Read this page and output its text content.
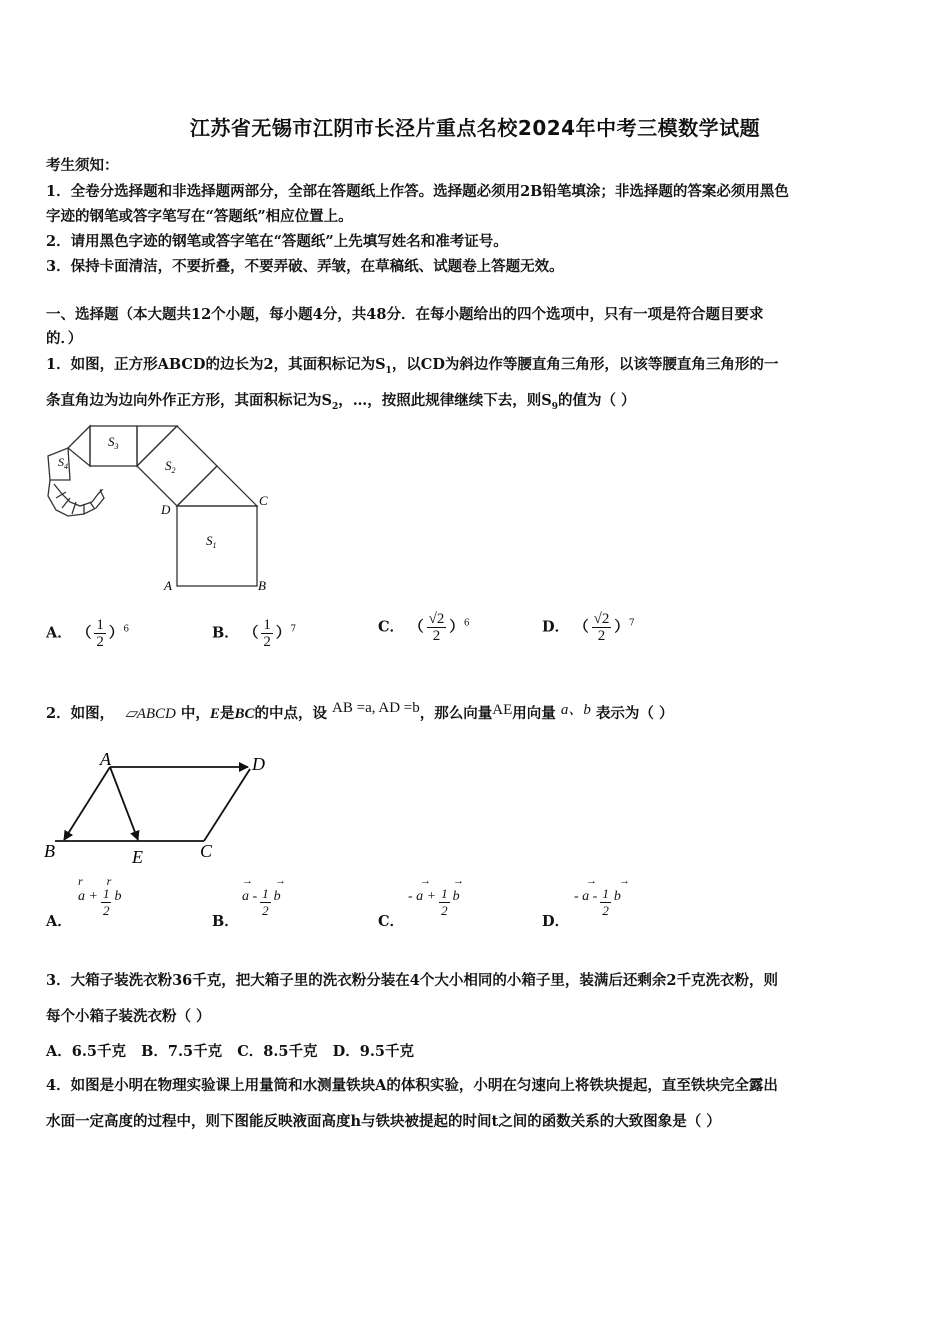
江苏省无锡市江阴市长泾片重点名校2024年中考三模数学试题
考生须知：
1．全卷分选择题和非选择题两部分，全部在答题纸上作答。选择题必须用2B铅笔填涂；非选择题的答案必须用黑色
字迹的钢笔或答字笔写在“答题纸”相应位置上。
2．请用黑色字迹的钢笔或答字笔在“答题纸”上先填写姓名和准考证号。
3．保持卡面清洁，不要折叠，不要弄破、弄皱，在草稿纸、试题卷上答题无效。
一、选择题（本大题共12个小题，每小题4分，共48分．在每小题给出的四个选项中，只有一项是符合题目要求
的．）
1．如图，正方形ABCD的边长为2，其面积标记为$S_1$，以CD为斜边作等腰直角三角形，以该等腰直角三角形的一
条直角边为边向外作正方形，其面积标记为$S_2$，…，按照此规律继续下去，则$S_9$的值为（ ）
$S_1$
$S_2$
$S_3$
$S_4$
A	B
C
D
A． （ $\frac{1}{2} )^6$	B． （ $\frac{1}{2} )^7$	C． （ $\frac{√2}{2} )^6$	D． （ $\frac{√2}{2} )^7$
2．如图， ▱ABCD 中，E是BC的中点，设 AB =a, AD =b，那么向量AE用向量 a、b 表示为（ ）
A	D
B	E	C
A．
r        r
$a + \frac{1}{2}$ b
B．
→        →
a - $\frac{1}{2}$ b
C．
→        →
- $a + \frac{1}{2}$ b
D．
→        →
- a - $\frac{1}{2}$ b
3．大箱子装洗衣粉36千克，把大箱子里的洗衣粉分装在4个大小相同的小箱子里，装满后还剩余2千克洗衣粉，则
每个小箱子装洗衣粉（ ）
A．6.5千克   B．7.5千克   C．8.5千克   D．9.5千克
4．如图是小明在物理实验课上用量筒和水测量铁块A的体积实验，小明在匀速向上将铁块提起，直至铁块完全露出
水面一定高度的过程中，则下图能反映液面高度h与铁块被提起的时间t之间的函数关系的大致图象是（ ）
